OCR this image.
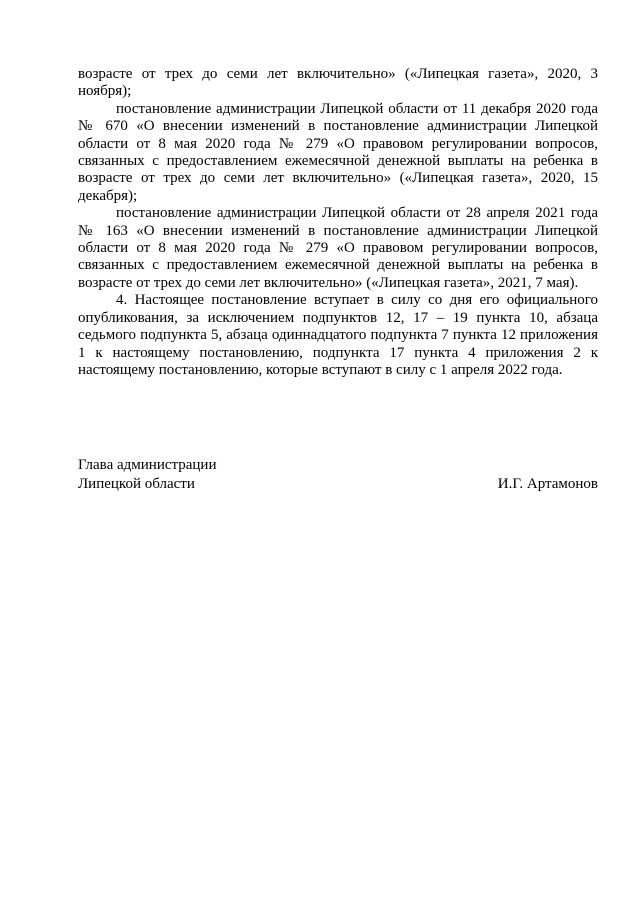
возрасте от трех до семи лет включительно» («Липецкая газета», 2020, 3 ноября);

постановление администрации Липецкой области от 11 декабря 2020 года № 670 «О внесении изменений в постановление администрации Липецкой области от 8 мая 2020 года № 279 «О правовом регулировании вопросов, связанных с предоставлением ежемесячной денежной выплаты на ребенка в возрасте от трех до семи лет включительно» («Липецкая газета», 2020, 15 декабря);

постановление администрации Липецкой области от 28 апреля 2021 года № 163 «О внесении изменений в постановление администрации Липецкой области от 8 мая 2020 года № 279 «О правовом регулировании вопросов, связанных с предоставлением ежемесячной денежной выплаты на ребенка в возрасте от трех до семи лет включительно» («Липецкая газета», 2021, 7 мая).

4. Настоящее постановление вступает в силу со дня его официального опубликования, за исключением подпунктов 12, 17 – 19 пункта 10, абзаца седьмого подпункта 5, абзаца одиннадцатого подпункта 7 пункта 12 приложения 1 к настоящему постановлению, подпункта 17 пункта 4 приложения 2 к настоящему постановлению, которые вступают в силу с 1 апреля 2022 года.

Глава администрации

Липецкой области	И.Г. Артамонов
